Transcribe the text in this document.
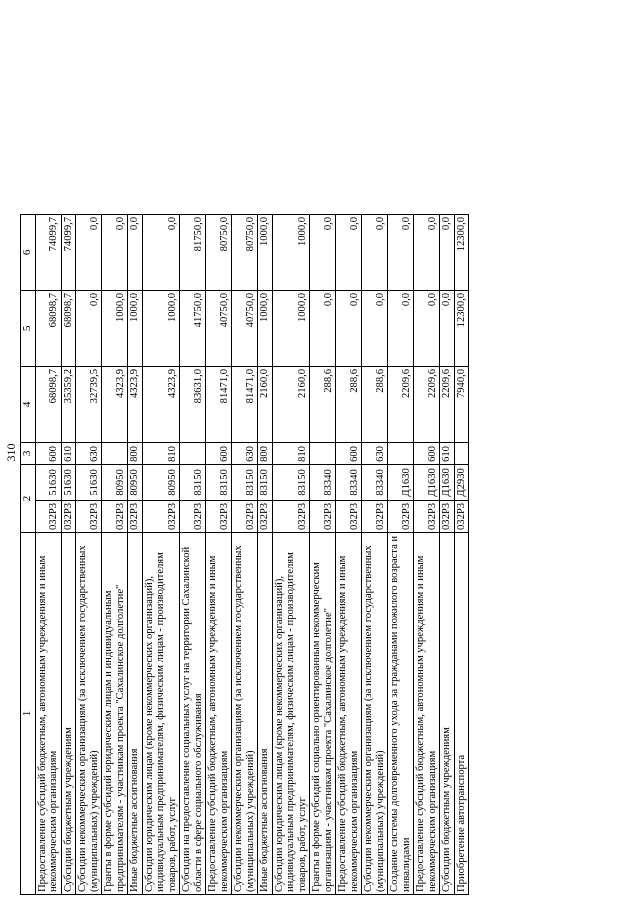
310
1	2		3	4	5	6
Предоставление субсидий бюджетным, автономным учреждениям и иным некоммерческим организациям	032Р3	51630	600	68098,7	68098,7	74099,7
Субсидии бюджетным учреждениям	032Р3	51630	610	35359,2	68098,7	74099,7
Субсидии некоммерческим организациям (за исключением государственных (муниципальных) учреждений)	032Р3	51630	630	32739,5	0,0	0,0
Гранты в форме субсидий юридическим лицам и индивидуальным предпринимателям - участникам проекта "Сахалинское долголетие"	032Р3	80950		4323,9	1000,0	0,0
Иные бюджетные ассигнования	032Р3	80950	800	4323,9	1000,0	0,0
Субсидии юридическим лицам (кроме некоммерческих организаций), индивидуальным предпринимателям, физическим лицам - производителям товаров, работ, услуг	032Р3	80950	810	4323,9	1000,0	0,0
Субсидии на предоставление социальных услуг на территории Сахалинской области в сфере социального обслуживания	032Р3	83150		83631,0	41750,0	81750,0
Предоставление субсидий бюджетным, автономным учреждениям и иным некоммерческим организациям	032Р3	83150	600	81471,0	40750,0	80750,0
Субсидии некоммерческим организациям (за исключением государственных (муниципальных) учреждений)	032Р3	83150	630	81471,0	40750,0	80750,0
Иные бюджетные ассигнования	032Р3	83150	800	2160,0	1000,0	1000,0
Субсидии юридическим лицам (кроме некоммерческих организаций), индивидуальным предпринимателям, физическим лицам - производителям товаров, работ, услуг	032Р3	83150	810	2160,0	1000,0	1000,0
Гранты в форме субсидий социально ориентированным некоммерческим организациям - участникам проекта "Сахалинское долголетие"	032Р3	83340		288,6	0,0	0,0
Предоставление субсидий бюджетным, автономным учреждениям и иным некоммерческим организациям	032Р3	83340	600	288,6	0,0	0,0
Субсидии некоммерческим организациям (за исключением государственных (муниципальных) учреждений)	032Р3	83340	630	288,6	0,0	0,0
Создание системы долговременного ухода за гражданами пожилого возраста и инвалидами	032Р3	Д1630		2209,6	0,0	0,0
Предоставление субсидий бюджетным, автономным учреждениям и иным некоммерческим организациям	032Р3	Д1630	600	2209,6	0,0	0,0
Субсидии бюджетным учреждениям	032Р3	Д1630	610	2209,6	0,0	0,0
Приобретение автотранспорта	032Р3	Д2930		7940,0	12300,0	12300,0
